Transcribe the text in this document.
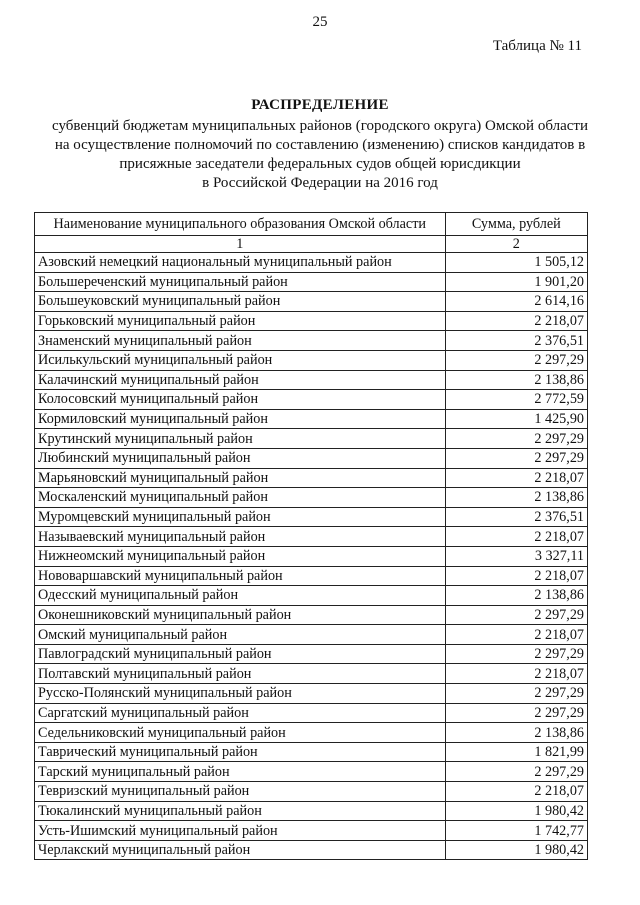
25
Таблица № 11
РАСПРЕДЕЛЕНИЕ
субвенций бюджетам муниципальных районов (городского округа) Омской области
на осуществление полномочий по составлению (изменению) списков кандидатов в
присяжные заседатели федеральных судов общей юрисдикции
в Российской Федерации на 2016 год
Наименование муниципального образования Омской области	Сумма, рублей
1	2
Азовский немецкий национальный муниципальный район	1 505,12
Большереченский муниципальный район	1 901,20
Большеуковский муниципальный район	2 614,16
Горьковский муниципальный район	2 218,07
Знаменский муниципальный район	2 376,51
Исилькульский муниципальный район	2 297,29
Калачинский муниципальный район	2 138,86
Колосовский муниципальный район	2 772,59
Кормиловский муниципальный район	1 425,90
Крутинский муниципальный район	2 297,29
Любинский муниципальный район	2 297,29
Марьяновский муниципальный район	2 218,07
Москаленский муниципальный район	2 138,86
Муромцевский муниципальный район	2 376,51
Называевский муниципальный район	2 218,07
Нижнеомский муниципальный район	3 327,11
Нововаршавский муниципальный район	2 218,07
Одесский муниципальный район	2 138,86
Оконешниковский муниципальный район	2 297,29
Омский муниципальный район	2 218,07
Павлоградский муниципальный район	2 297,29
Полтавский муниципальный район	2 218,07
Русско-Полянский муниципальный район	2 297,29
Саргатский муниципальный район	2 297,29
Седельниковский муниципальный район	2 138,86
Таврический муниципальный район	1 821,99
Тарский муниципальный район	2 297,29
Тевризский муниципальный район	2 218,07
Тюкалинский муниципальный район	1 980,42
Усть-Ишимский муниципальный район	1 742,77
Черлакский муниципальный район	1 980,42
